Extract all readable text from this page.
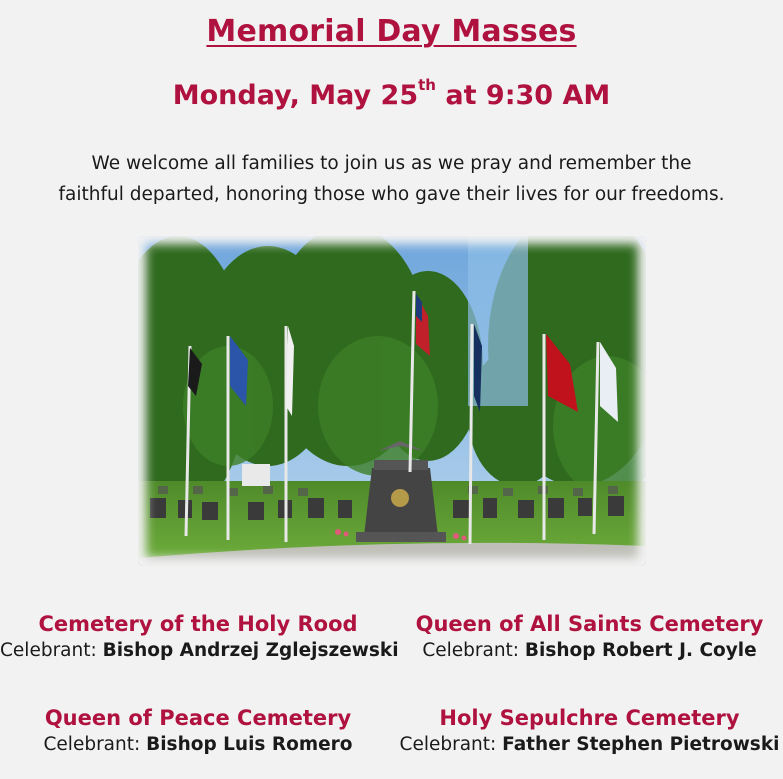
Memorial Day Masses
Monday, May 25th at 9:30 AM
We welcome all families to join us as we pray and remember the
faithful departed, honoring those who gave their lives for our freedoms.
Cemetery of the Holy Rood
Celebrant: Bishop Andrzej Zglejszewski
Queen of All Saints Cemetery
Celebrant: Bishop Robert J. Coyle
Queen of Peace Cemetery
Celebrant: Bishop Luis Romero
Holy Sepulchre Cemetery
Celebrant: Father Stephen Pietrowski
